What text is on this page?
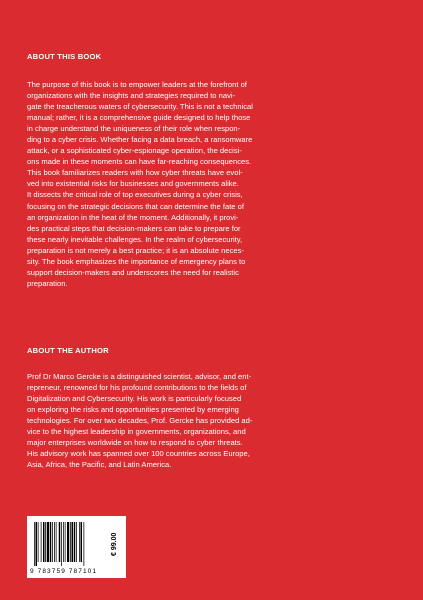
ABOUT THIS BOOK

The purpose of this book is to empower leaders at the forefront of
organizations with the insights and strategies required to navi-
gate the treacherous waters of cybersecurity. This is not a technical
manual; rather, it is a comprehensive guide designed to help those
in charge understand the uniqueness of their role when respon-
ding to a cyber crisis. Whether facing a data breach, a ransomware
attack, or a sophisticated cyber-espionage operation, the decisi-
ons made in these moments can have far-reaching consequences.
This book familiarizes readers with how cyber threats have evol-
ved into existential risks for businesses and governments alike.
It dissects the critical role of top executives during a cyber crisis,
focusing on the strategic decisions that can determine the fate of
an organization in the heat of the moment. Additionally, it provi-
des practical steps that decision-makers can take to prepare for
these nearly inevitable challenges. In the realm of cybersecurity,
preparation is not merely a best practice; it is an absolute neces-
sity. The book emphasizes the importance of emergency plans to
support decision-makers and underscores the need for realistic
preparation.

ABOUT THE AUTHOR

Prof Dr Marco Gercke is a distinguished scientist, advisor, and ent-
repreneur, renowned for his profound contributions to the fields of
Digitalization and Cybersecurity. His work is particularly focused
on exploring the risks and opportunities presented by emerging
technologies. For over two decades, Prof. Gercke has provided ad-
vice to the highest leadership in governments, organizations, and
major enterprises worldwide on how to respond to cyber threats.
His advisory work has spanned over 100 countries across Europe,
Asia, Africa, the Pacific, and Latin America.

€ 99.00
9 783759 787101
